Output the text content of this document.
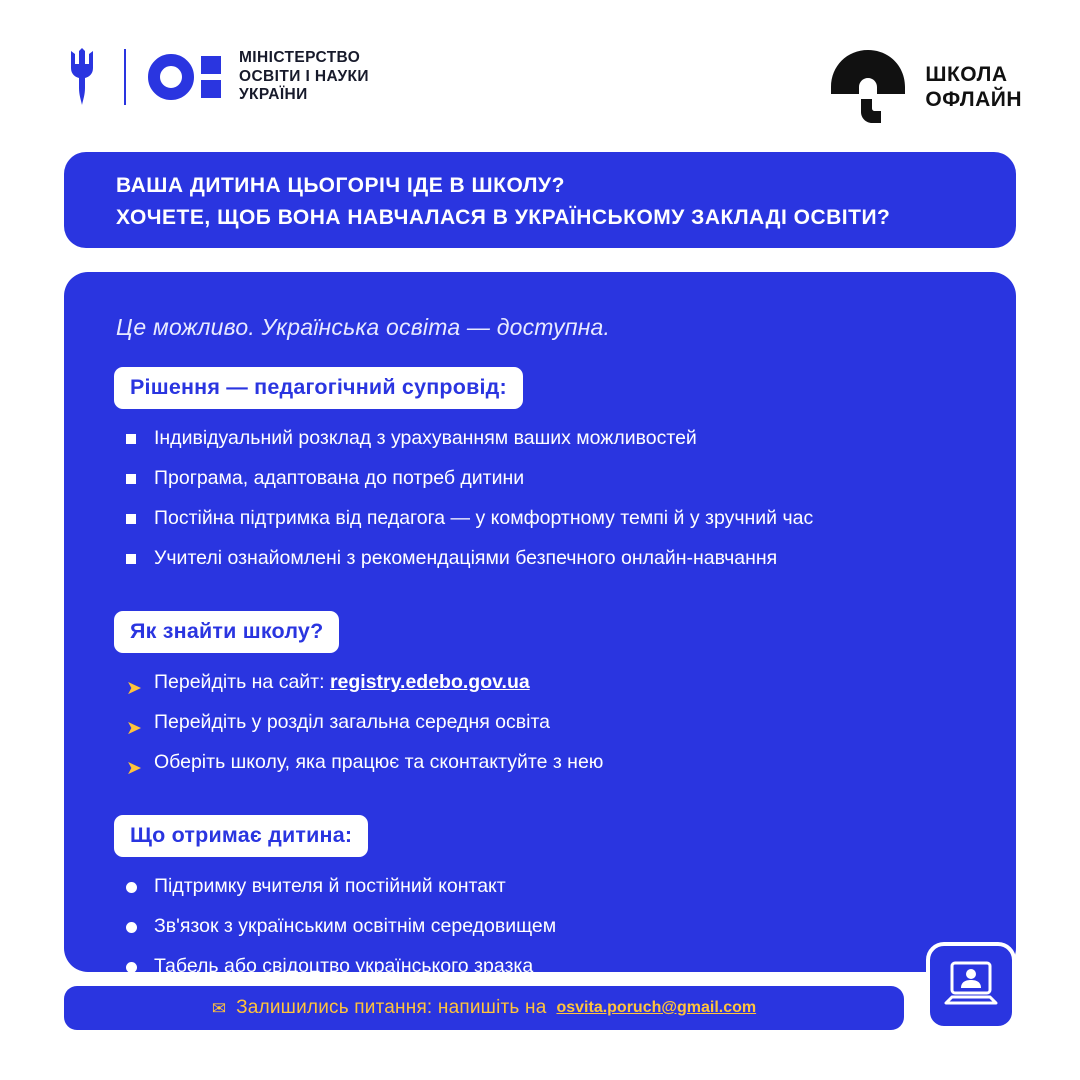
МІНІСТЕРСТВО
ОСВІТИ І НАУКИ
УКРАЇНИ
ШКОЛА
ОФЛАЙН
ВАША ДИТИНА ЦЬОГОРІЧ ІДЕ В ШКОЛУ?
ХОЧЕТЕ, ЩОБ ВОНА НАВЧАЛАСЯ В УКРАЇНСЬКОМУ ЗАКЛАДІ ОСВІТИ?
Це можливо. Українська освіта — доступна.
Рішення — педагогічний супровід:
Індивідуальний розклад з урахуванням ваших можливостей
Програма, адаптована до потреб дитини
Постійна підтримка від педагога — у комфортному темпі й у зручний час
Учителі ознайомлені з рекомендаціями безпечного онлайн-навчання
Як знайти школу?
➤ Перейдіть на сайт: registry.edebo.gov.ua
➤ Перейдіть у розділ загальна середня освіта
➤ Оберіть школу, яка працює та сконтактуйте з нею
Що отримає дитина:
Підтримку вчителя й постійний контакт
Зв'язок з українським освітнім середовищем
Табель або свідоцтво українського зразка
✉ Залишились питання: напишіть на osvita.poruch@gmail.com
